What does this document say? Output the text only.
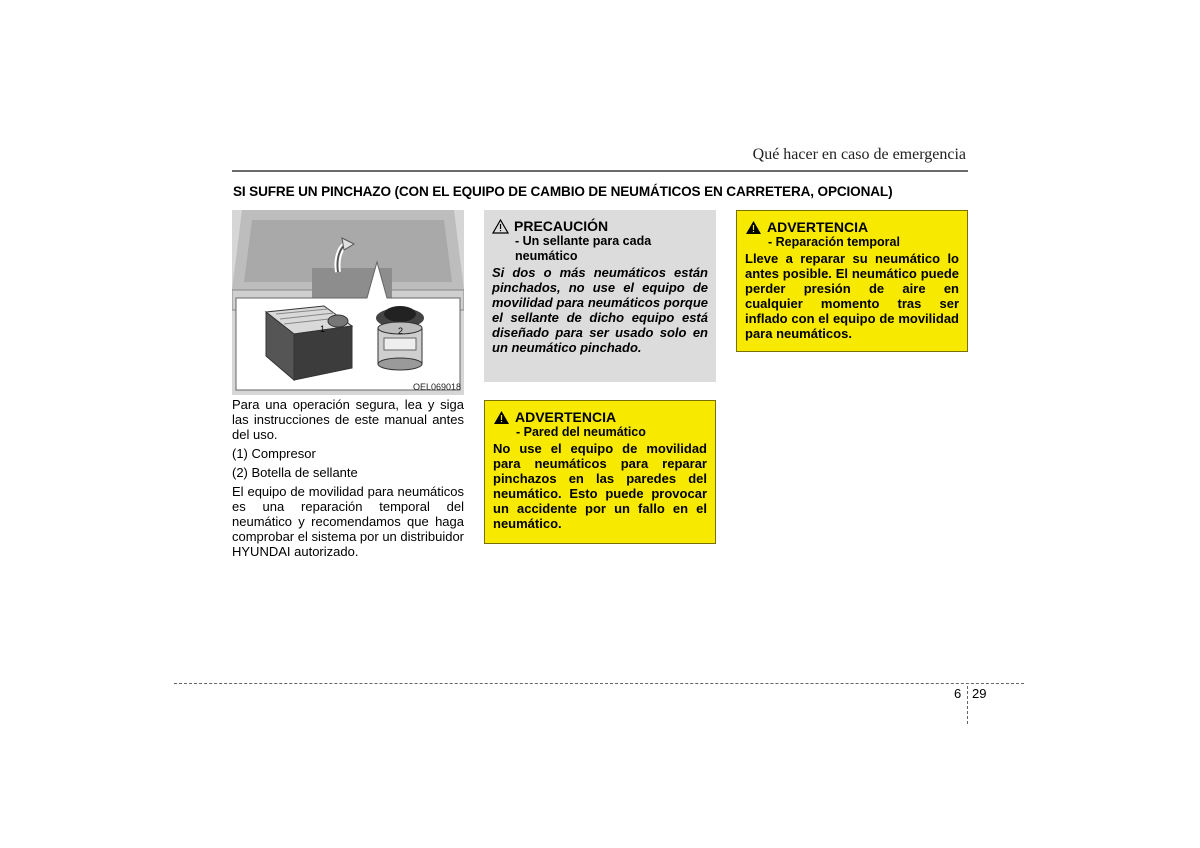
Qué hacer en caso de emergencia
SI SUFRE UN PINCHAZO (CON EL EQUIPO DE CAMBIO DE NEUMÁTICOS EN CARRETERA, OPCIONAL)
1	2
OEL069018

Para una operación segura, lea y siga las instrucciones de este manual antes del uso.

(1) Compresor

(2) Botella de sellante

El equipo de movilidad para neumáticos es una reparación temporal del neumático y recomendamos que haga comprobar el sistema por un distribuidor HYUNDAI autorizado.

PRECAUCIÓN
- Un sellante para cada
neumático
Si dos o más neumáticos están pinchados, no use el equipo de movilidad para neumáticos porque el sellante de dicho equipo está diseñado para ser usado solo en un neumático pinchado.
ADVERTENCIA
- Pared del neumático
No use el equipo de movilidad para neumáticos para reparar pinchazos en las paredes del neumático. Esto puede provocar un accidente por un fallo en el neumático.
ADVERTENCIA
- Reparación temporal
Lleve a reparar su neumático lo antes posible. El neumático puede perder presión de aire en cualquier momento tras ser inflado con el equipo de movilidad para neumáticos.
6 29
